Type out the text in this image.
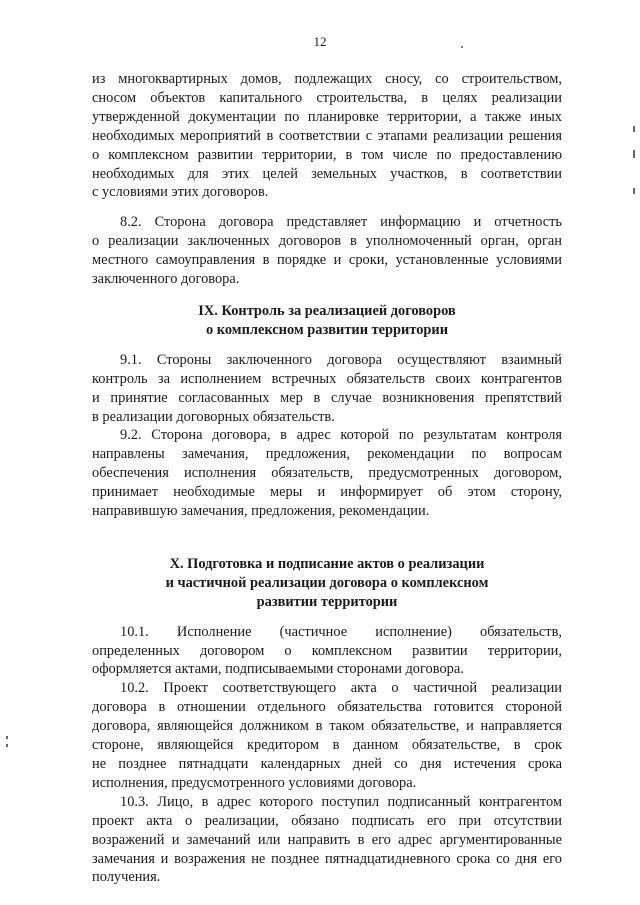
12
из многоквартирных домов, подлежащих сносу, со строительством,
сносом объектов капитального строительства, в целях реализации
утвержденной документации по планировке территории, а также иных
необходимых мероприятий в соответствии с этапами реализации решения
о комплексном развитии территории, в том числе по предоставлению
необходимых для этих целей земельных участков, в соответствии
с условиями этих договоров.
8.2. Сторона договора представляет информацию и отчетность
о реализации заключенных договоров в уполномоченный орган, орган
местного самоуправления в порядке и сроки, установленные условиями
заключенного договора.
IX. Контроль за реализацией договоров
о комплексном развитии территории
9.1. Стороны заключенного договора осуществляют взаимный
контроль за исполнением встречных обязательств своих контрагентов
и принятие согласованных мер в случае возникновения препятствий
в реализации договорных обязательств.
9.2. Сторона договора, в адрес которой по результатам контроля
направлены замечания, предложения, рекомендации по вопросам
обеспечения исполнения обязательств, предусмотренных договором,
принимает необходимые меры и информирует об этом сторону,
направившую замечания, предложения, рекомендации.
X. Подготовка и подписание актов о реализации
и частичной реализации договора о комплексном
развитии территории
10.1. Исполнение (частичное исполнение) обязательств,
определенных договором о комплексном развитии территории,
оформляется актами, подписываемыми сторонами договора.
10.2. Проект соответствующего акта о частичной реализации
договора в отношении отдельного обязательства готовится стороной
договора, являющейся должником в таком обязательстве, и направляется
стороне, являющейся кредитором в данном обязательстве, в срок
не позднее пятнадцати календарных дней со дня истечения срока
исполнения, предусмотренного условиями договора.
10.3. Лицо, в адрес которого поступил подписанный контрагентом
проект акта о реализации, обязано подписать его при отсутствии
возражений и замечаний или направить в его адрес аргументированные
замечания и возражения не позднее пятнадцатидневного срока со дня его
получения.
